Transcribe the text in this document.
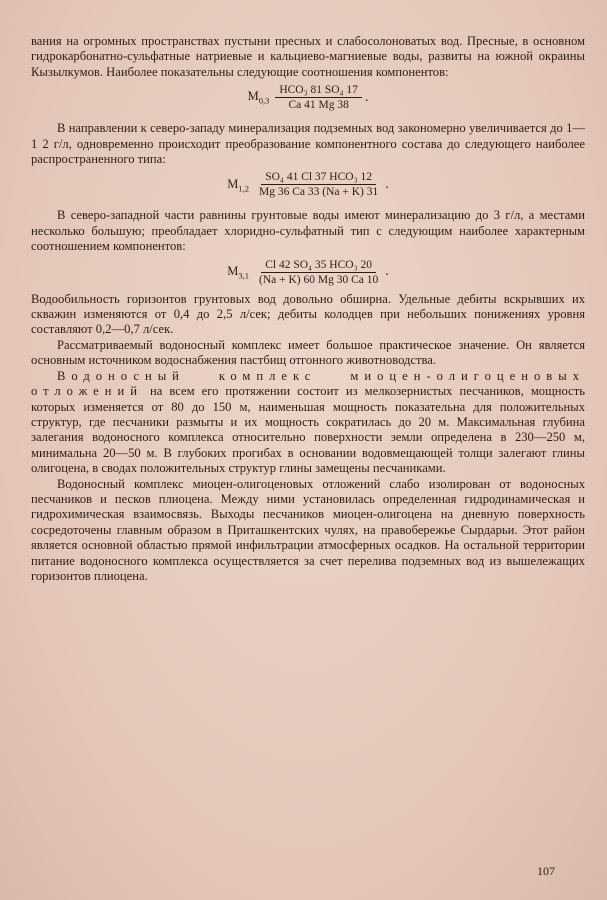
вания на огромных пространствах пустыни пресных и слабосолоноватых вод. Пресные, в основном гидрокарбонатно-сульфатные натриевые и кальциево-магниевые воды, развиты на южной окраины Кызылкумов. Наиболее показательны следующие соотношения компонентов:

$M_{0,3} \frac{\text{HCO₃ 81 SO₄ 17}}{Ca 41 Mg 38}$ .

В направлении к северо-западу минерализация подземных вод закономерно увеличивается до 1—1 2 г/л, одновременно происходит преобразование компонентного состава до следующего наиболее распространенного типа:

$M_{1,2} \frac{\text{SO₄ 41 Cl 37 HCO₃ 12}}{Mg 36 Ca 33 (Na + K) 31}$ .

В северо-западной части равнины грунтовые воды имеют минерализацию до 3 г/л, а местами несколько большую; преобладает хлоридно-сульфатный тип с следующим наиболее характерным соотношением компонентов:

$M_{3,1} \frac{\text{Cl 42 SO₄ 35 HCO₃ 20}}{(Na + K) 60 Mg 30 Ca 10}$ .

Водообильность горизонтов грунтовых вод довольно обширна. Удельные дебиты вскрывших их скважин изменяются от 0,4 до 2,5 л/сек; дебиты колодцев при небольших понижениях уровня составляют 0,2—0,7 л/сек.

Рассматриваемый водоносный комплекс имеет большое практическое значение. Он является основным источником водоснабжения пастбищ отгонного животноводства.

Водоносный комплекс миоцен-олигоценовых отложений на всем его протяжении состоит из мелкозернистых песчаников, мощность которых изменяется от 80 до 150 м, наименьшая мощность показательна для положительных структур, где песчаники размыты и их мощность сократилась до 20 м. Максимальная глубина залегания водоносного комплекса относительно поверхности земли определена в 230—250 м, минимальна 20—50 м. В глубоких прогибах в основании водовмещающей толщи залегают глины олигоцена, в сводах положительных структур глины замещены песчаниками.

Водоносный комплекс миоцен-олигоценовых отложений слабо изолирован от водоносных песчаников и песков плиоцена. Между ними установилась определенная гидродинамическая и гидрохимическая взаимосвязь. Выходы песчаников миоцен-олигоцена на дневную поверхность сосредоточены главным образом в Приташкентских чулях, на правобережье Сырдарьи. Этот район является основной областью прямой инфильтрации атмосферных осадков. На остальной территории питание водоносного комплекса осуществляется за счет перелива подземных вод из вышележащих горизонтов плиоцена.

107
